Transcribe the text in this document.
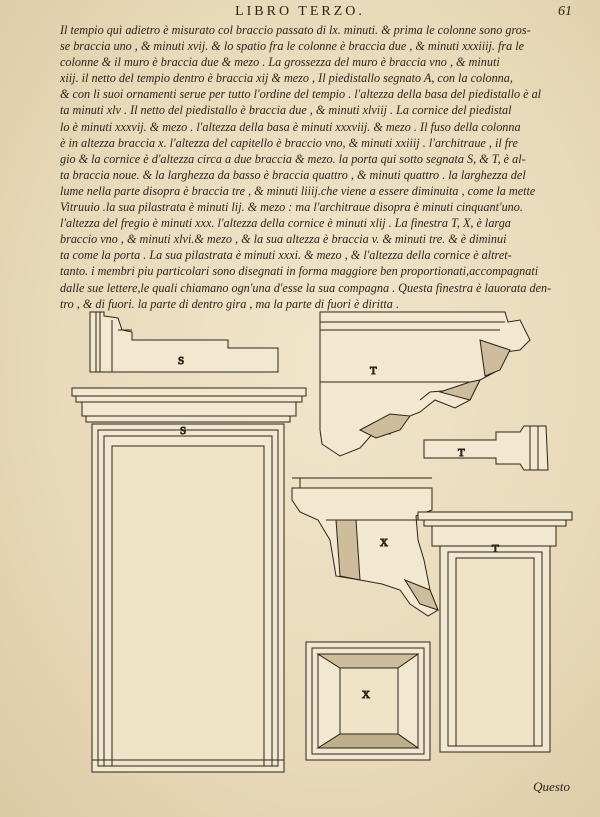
LIBRO TERZO.	61
Il tempio quì adietro è misurato col braccio passato di lx. minuti. & prima le colonne sono gros-
se braccia uno , & minuti xvij. & lo spatio fra le colonne è braccia due , & minuti xxxiiij. fra le
colonne & il muro è braccia due & mezo . La grossezza del muro è braccia vno , & minuti
xiij. il netto del tempio dentro è braccia xij & mezo , Il piedistallo segnato A, con la colonna,
& con li suoi ornamenti serue per tutto l'ordine del tempio . l'altezza della basa del piedistallo è al
ta minuti xlv . Il netto del piedistallo è braccia due , & minuti xlviij . La cornice del piedistal
lo è minuti xxxvij. & mezo . l'altezza della basa è minuti xxxviij. & mezo . Il fuso della colonna
è in altezza braccia x. l'altezza del capitello è braccio vno, & minuti xxiiij . l'architraue , il fre
gio & la cornice è d'altezza circa a due braccia & mezo. la porta qui sotto segnata S, & T, è al-
ta braccia noue. & la larghezza da basso è braccia quattro , & minuti quattro . la larghezza del
lume nella parte disopra è braccia tre , & minuti liiij.che viene a essere diminuita , come la mette
Vitruuio .la sua pilastrata è minuti lij. & mezo : ma l'architraue disopra è minuti cinquant'uno.
l'altezza del fregio è minuti xxx. l'altezza della cornice è minuti xlij . La finestra T, X, è larga
braccio vno , & minuti xlvi.& mezo , & la sua altezza è braccia v. & minuti tre. & è diminui
ta come la porta . La sua pilastrata è minuti xxxi. & mezo , & l'altezza della cornice è altret-
tanto. i membri piu particolari sono disegnati in forma maggiore ben proportionati,accompagnati
dalle sue lettere,le quali chiamano ogn'una d'esse la sua compagna . Questa finestra è lauorata den-
tro , & di fuori. la parte di dentro gira , ma la parte di fuori è diritta .
S
T
T
S
X	T
X
Questo
